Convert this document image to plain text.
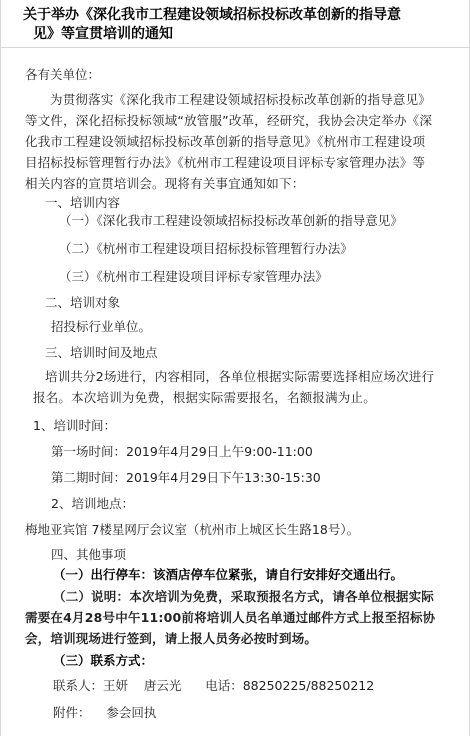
关于举办《深化我市工程建设领域招标投标改革创新的指导意
见》等宣贯培训的通知
各有关单位：
为贯彻落实《深化我市工程建设领域招标投标改革创新的指导意见》
等文件，深化招标投标领域“放管服”改革，经研究，我协会决定举办《深
化我市工程建设领域招标投标改革创新的指导意见》《杭州市工程建设项
目招标投标管理暂行办法》《杭州市工程建设项目评标专家管理办法》等
相关内容的宣贯培训会。现将有关事宜通知如下：
一、培训内容
（一）《深化我市工程建设领域招标投标改革创新的指导意见》
（二）《杭州市工程建设项目招标投标管理暂行办法》
（三）《杭州市工程建设项目评标专家管理办法》
二、培训对象
招投标行业单位。
三、培训时间及地点
培训共分2场进行，内容相同，各单位根据实际需要选择相应场次进行
报名。本次培训为免费，根据实际需要报名，名额报满为止。
1、培训时间：
第一场时间：2019年4月29日上午9:00-11:00
第二期时间：2019年4月29日下午13:30-15:30
2、培训地点：
梅地亚宾馆 7楼星网厅会议室（杭州市上城区长生路18号）。
四、其他事项
（一）出行停车：该酒店停车位紧张，请自行安排好交通出行。
（二）说明：本次培训为免费，采取预报名方式，请各单位根据实际
需要在4月28号中午11:00前将培训人员名单通过邮件方式上报至招标协
会，培训现场进行签到，请上报人员务必按时到场。
（三）联系方式：
联系人：王妍    唐云光      电话：88250225/88250212
附件：    参会回执
